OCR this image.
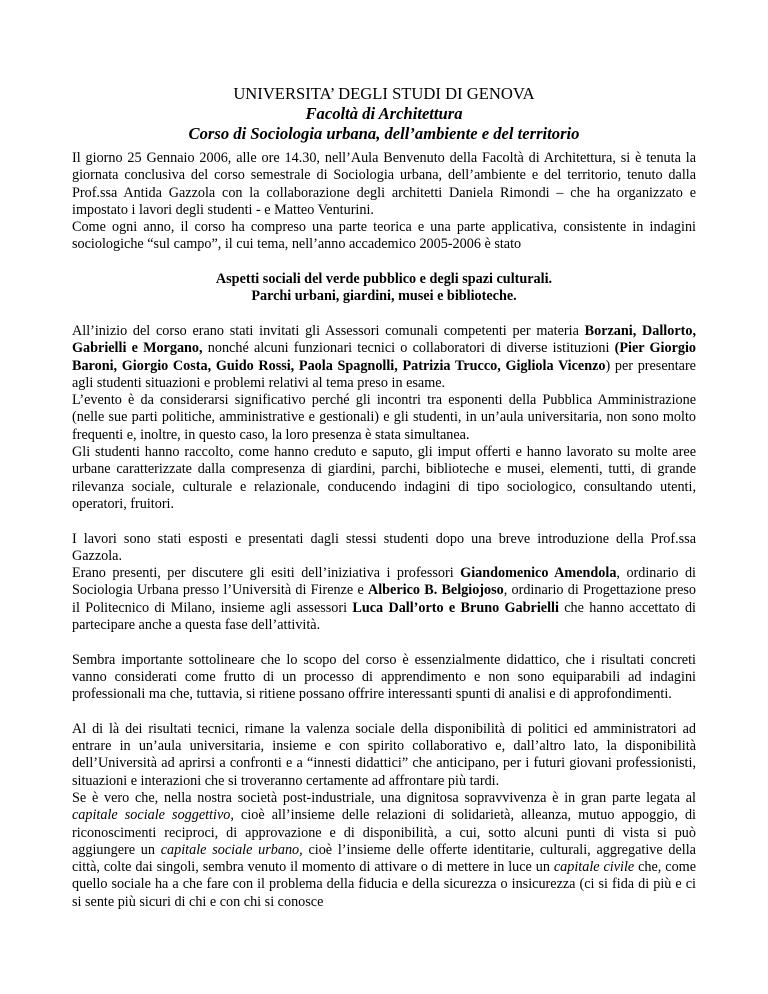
UNIVERSITA’ DEGLI STUDI DI GENOVA
Facoltà di Architettura
Corso di Sociologia urbana, dell’ambiente e del territorio

Il giorno 25 Gennaio 2006, alle ore 14.30, nell’Aula Benvenuto della Facoltà di Architettura, si è tenuta la giornata conclusiva del corso semestrale di Sociologia urbana, dell’ambiente e del territorio, tenuto dalla Prof.ssa Antida Gazzola con la collaborazione degli architetti Daniela Rimondi – che ha organizzato e impostato i lavori degli studenti - e Matteo Venturini.

Come ogni anno, il corso ha compreso una parte teorica e una parte applicativa, consistente in indagini sociologiche “sul campo”, il cui tema, nell’anno accademico 2005-2006 è stato

Aspetti sociali del verde pubblico e degli spazi culturali.
Parchi urbani, giardini, musei e biblioteche.

All’inizio del corso erano stati invitati gli Assessori comunali competenti per materia Borzani, Dallorto, Gabrielli e Morgano, nonché alcuni funzionari tecnici o collaboratori di diverse istituzioni (Pier Giorgio Baroni, Giorgio Costa, Guido Rossi, Paola Spagnolli, Patrizia Trucco, Gigliola Vicenzo) per presentare agli studenti situazioni e problemi relativi al tema preso in esame.

L’evento è da considerarsi significativo perché gli incontri tra esponenti della Pubblica Amministrazione (nelle sue parti politiche, amministrative e gestionali) e gli studenti, in un’aula universitaria, non sono molto frequenti e, inoltre, in questo caso, la loro presenza è stata simultanea.

Gli studenti hanno raccolto, come hanno creduto e saputo, gli imput offerti e hanno lavorato su molte aree urbane caratterizzate dalla compresenza di giardini, parchi, biblioteche e musei, elementi, tutti, di grande rilevanza sociale, culturale e relazionale, conducendo indagini di tipo sociologico, consultando utenti, operatori, fruitori.

I lavori sono stati esposti e presentati dagli stessi studenti dopo una breve introduzione della Prof.ssa Gazzola.

Erano presenti, per discutere gli esiti dell’iniziativa i professori Giandomenico Amendola, ordinario di Sociologia Urbana presso l’Università di Firenze e Alberico B. Belgiojoso, ordinario di Progettazione preso il Politecnico di Milano, insieme agli assessori Luca Dall’orto e Bruno Gabrielli che hanno accettato di partecipare anche a questa fase dell’attività.

Sembra importante sottolineare che lo scopo del corso è essenzialmente didattico, che i risultati concreti vanno considerati come frutto di un processo di apprendimento e non sono equiparabili ad indagini professionali ma che, tuttavia, si ritiene possano offrire interessanti spunti di analisi e di approfondimenti.

Al di là dei risultati tecnici, rimane la valenza sociale della disponibilità di politici ed amministratori ad entrare in un’aula universitaria, insieme e con spirito collaborativo e, dall’altro lato, la disponibilità dell’Università ad aprirsi a confronti e a “innesti didattici” che anticipano, per i futuri giovani professionisti, situazioni e interazioni che si troveranno certamente ad affrontare più tardi.

Se è vero che, nella nostra società post-industriale, una dignitosa sopravvivenza è in gran parte legata al capitale sociale soggettivo, cioè all’insieme delle relazioni di solidarietà, alleanza, mutuo appoggio, di riconoscimenti reciproci, di approvazione e di disponibilità, a cui, sotto alcuni punti di vista si può aggiungere un capitale sociale urbano, cioè l’insieme delle offerte identitarie, culturali, aggregative della città, colte dai singoli, sembra venuto il momento di attivare o di mettere in luce un capitale civile che, come quello sociale ha a che fare con il problema della fiducia e della sicurezza o insicurezza (ci si fida di più e ci si sente più sicuri di chi e con chi si conosce
